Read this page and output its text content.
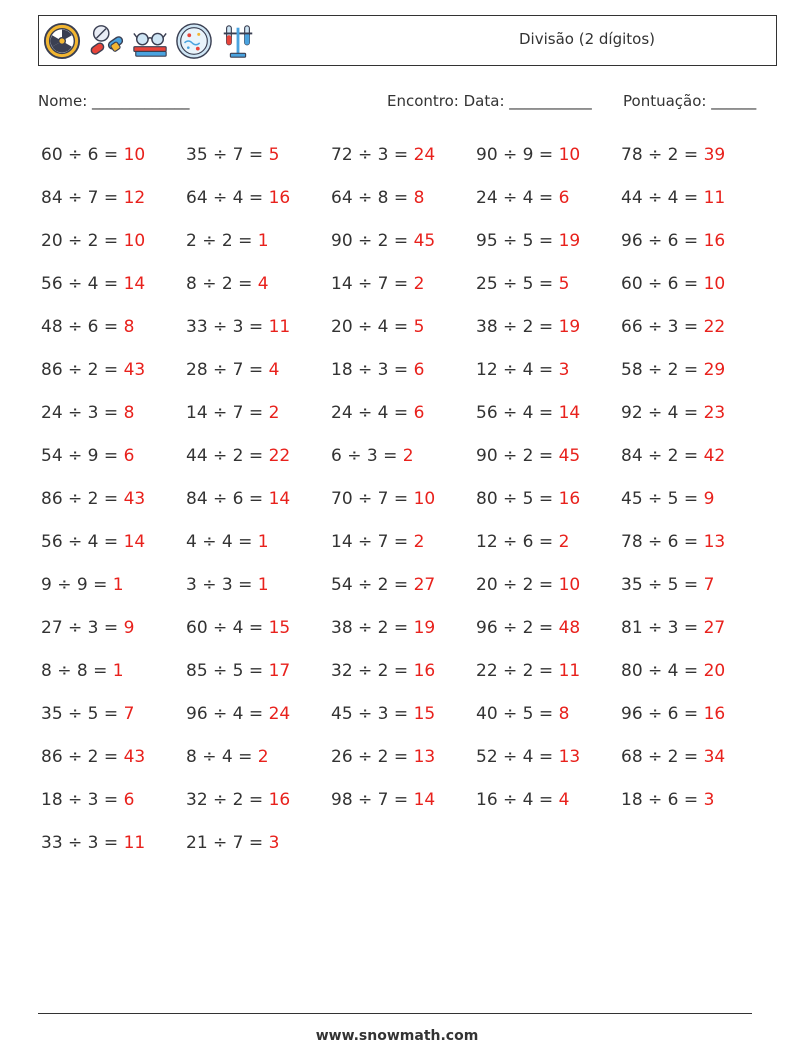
Divisão (2 dígitos)
Nome: _____________	Encontro: Data: ___________ Pontuação: ______
60 ÷ 6 = 10	35 ÷ 7 = 5	72 ÷ 3 = 24	90 ÷ 9 = 10	78 ÷ 2 = 39
84 ÷ 7 = 12	64 ÷ 4 = 16	64 ÷ 8 = 8	24 ÷ 4 = 6	44 ÷ 4 = 11
20 ÷ 2 = 10	2 ÷ 2 = 1	90 ÷ 2 = 45	95 ÷ 5 = 19	96 ÷ 6 = 16
56 ÷ 4 = 14	8 ÷ 2 = 4	14 ÷ 7 = 2	25 ÷ 5 = 5	60 ÷ 6 = 10
48 ÷ 6 = 8	33 ÷ 3 = 11	20 ÷ 4 = 5	38 ÷ 2 = 19	66 ÷ 3 = 22
86 ÷ 2 = 43	28 ÷ 7 = 4	18 ÷ 3 = 6	12 ÷ 4 = 3	58 ÷ 2 = 29
24 ÷ 3 = 8	14 ÷ 7 = 2	24 ÷ 4 = 6	56 ÷ 4 = 14	92 ÷ 4 = 23
54 ÷ 9 = 6	44 ÷ 2 = 22	6 ÷ 3 = 2	90 ÷ 2 = 45	84 ÷ 2 = 42
86 ÷ 2 = 43	84 ÷ 6 = 14	70 ÷ 7 = 10	80 ÷ 5 = 16	45 ÷ 5 = 9
56 ÷ 4 = 14	4 ÷ 4 = 1	14 ÷ 7 = 2	12 ÷ 6 = 2	78 ÷ 6 = 13
9 ÷ 9 = 1	3 ÷ 3 = 1	54 ÷ 2 = 27	20 ÷ 2 = 10	35 ÷ 5 = 7
27 ÷ 3 = 9	60 ÷ 4 = 15	38 ÷ 2 = 19	96 ÷ 2 = 48	81 ÷ 3 = 27
8 ÷ 8 = 1	85 ÷ 5 = 17	32 ÷ 2 = 16	22 ÷ 2 = 11	80 ÷ 4 = 20
35 ÷ 5 = 7	96 ÷ 4 = 24	45 ÷ 3 = 15	40 ÷ 5 = 8	96 ÷ 6 = 16
86 ÷ 2 = 43	8 ÷ 4 = 2	26 ÷ 2 = 13	52 ÷ 4 = 13	68 ÷ 2 = 34
18 ÷ 3 = 6	32 ÷ 2 = 16	98 ÷ 7 = 14	16 ÷ 4 = 4	18 ÷ 6 = 3
33 ÷ 3 = 11	21 ÷ 7 = 3
www.snowmath.com
